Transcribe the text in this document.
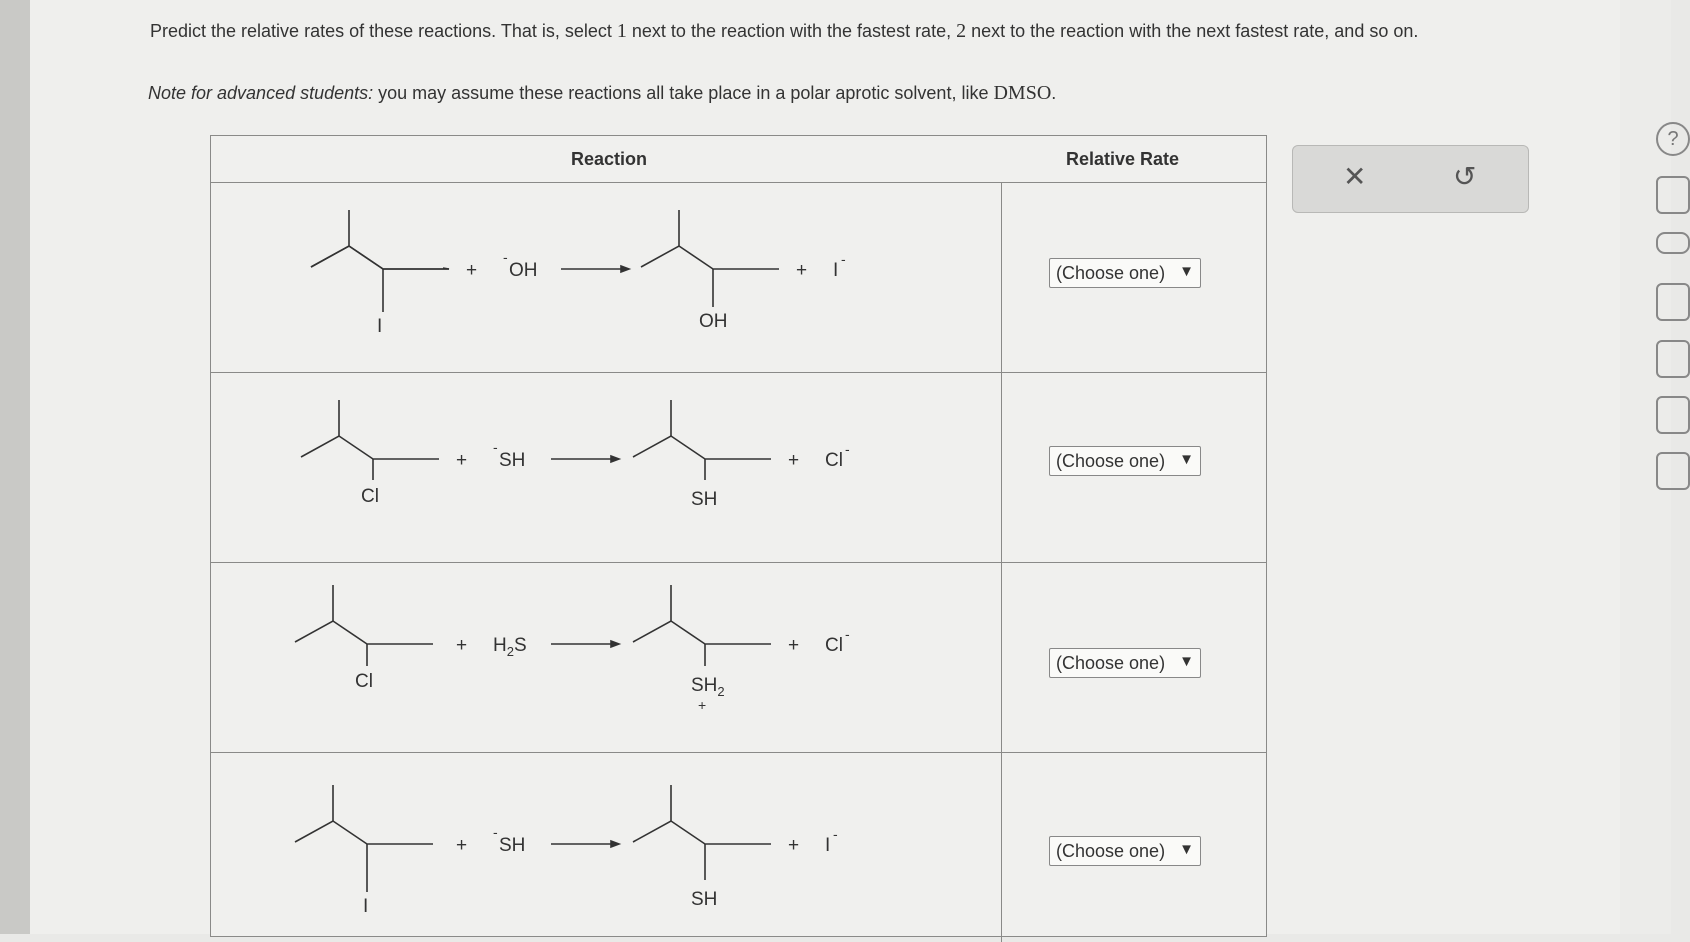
Predict the relative rates of these reactions. That is, select 1 next to the reaction with the fastest rate, 2 next to the reaction with the next fastest rate, and so on.
Note for advanced students: you may assume these reactions all take place in a polar aprotic solvent, like DMSO.
Reaction	Relative Rate
I
+
-
OH
OH
+ I
-
(Choose one) ▼
Cl
+
-
SH
SH
+ Cl
-
(Choose one) ▼
Cl
+ $H_2S$
$SH_2$
+
+ Cl
-
(Choose one) ▼
I
+
-
SH
SH
+ I
-
(Choose one) ▼
✕	↺
?
